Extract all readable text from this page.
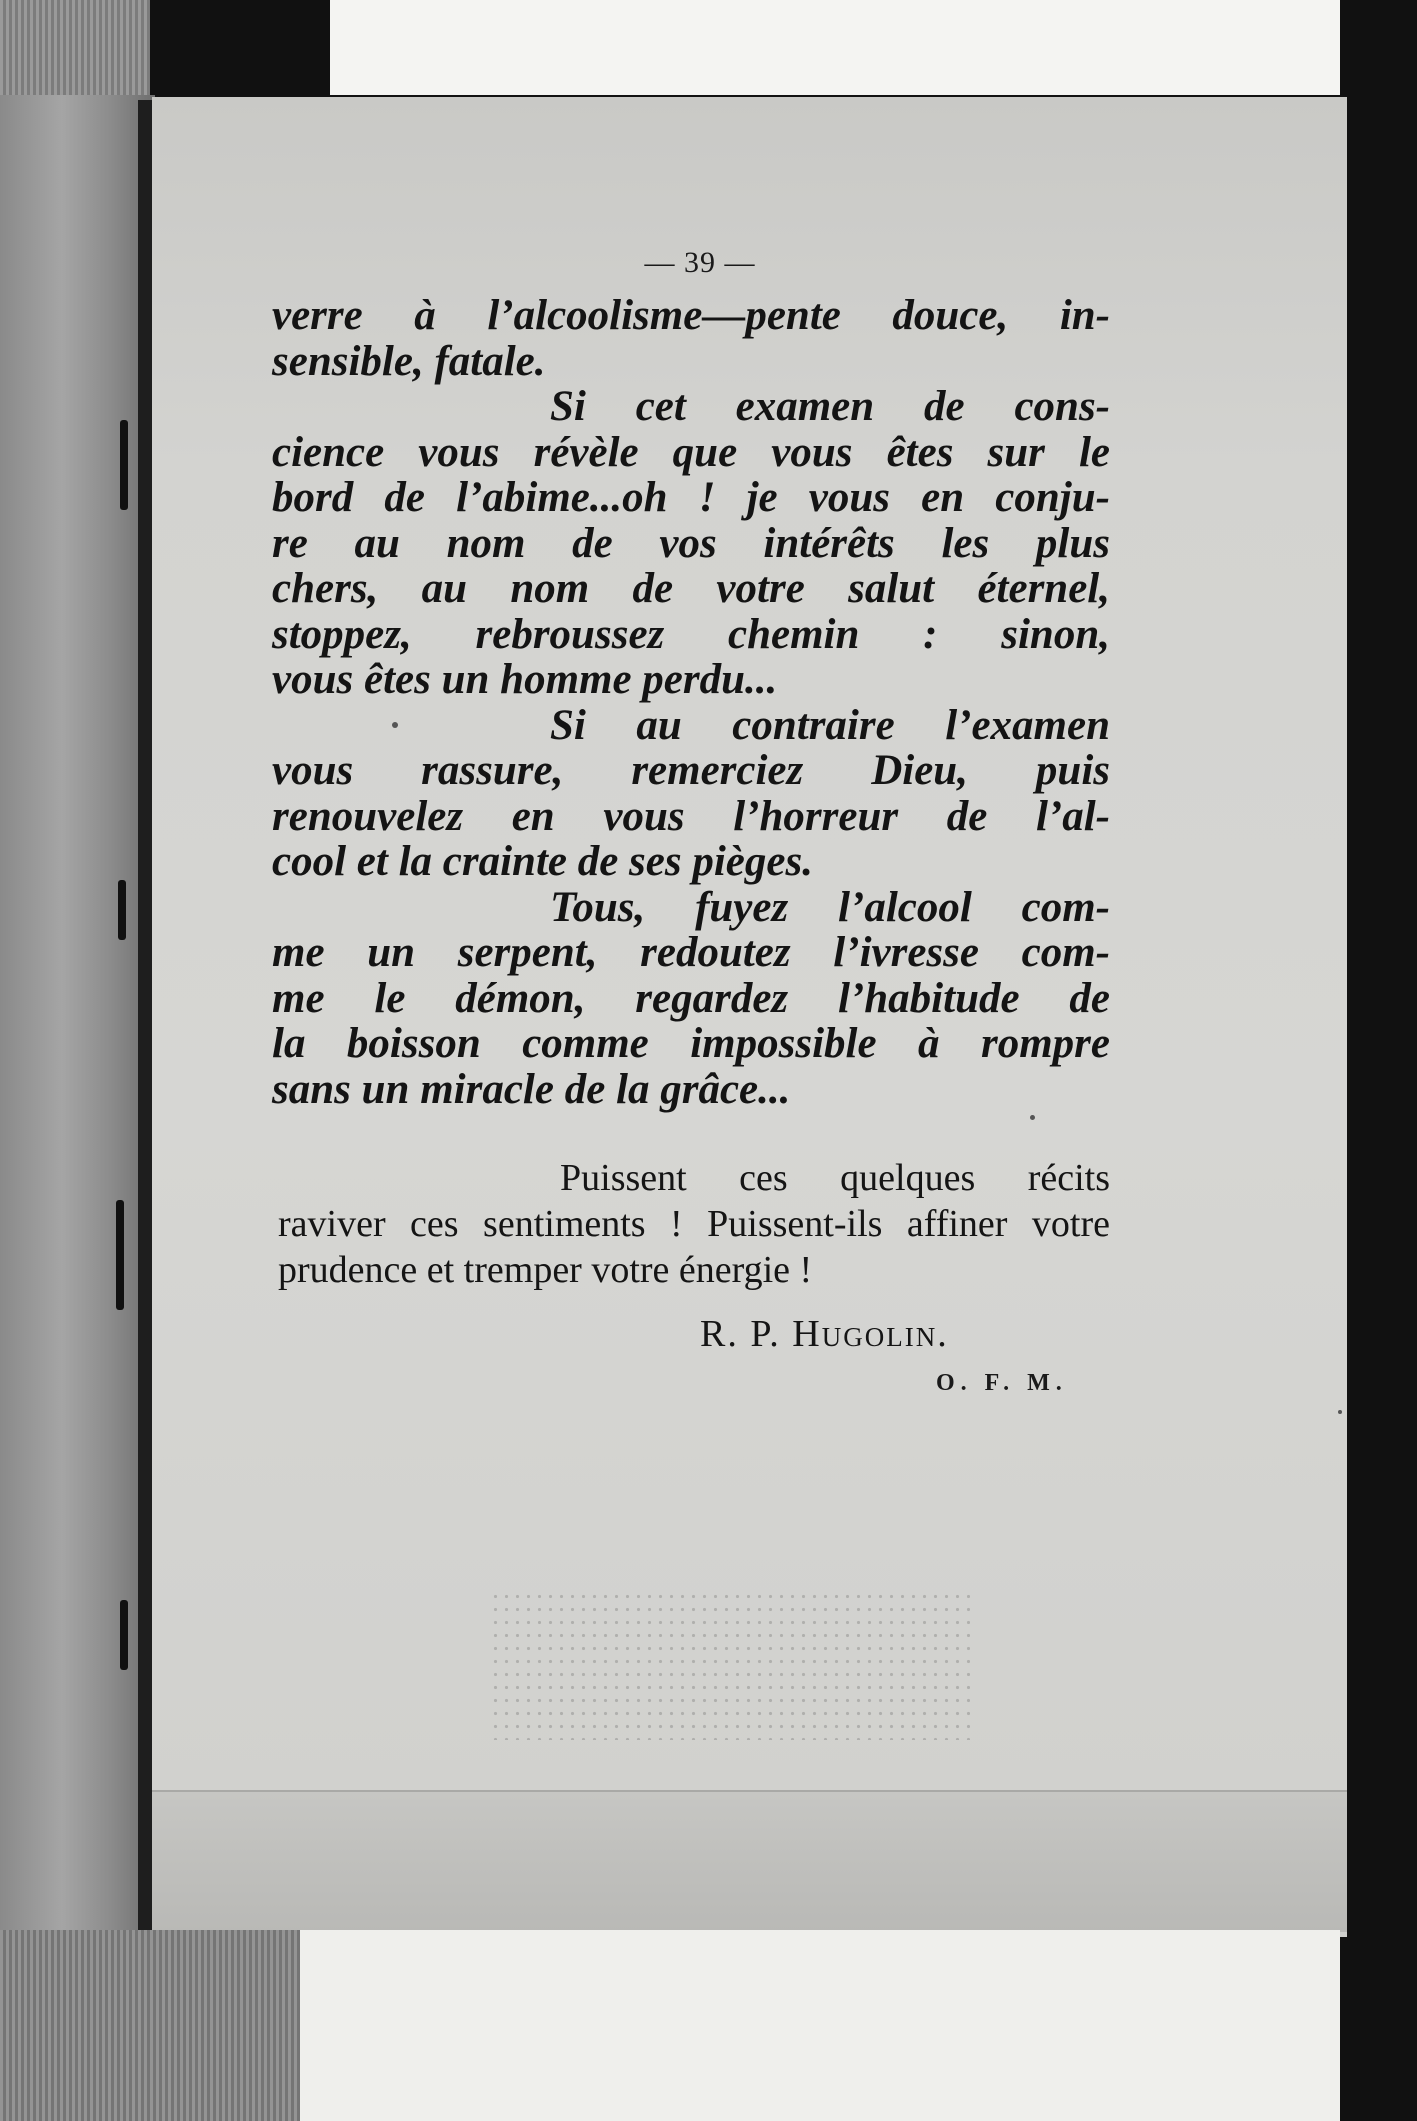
— 39 —
verre à l’alcoolisme—pente douce, in-
sensible, fatale.
Si cet examen de cons-
cience vous révèle que vous êtes sur le
bord de l’abime...oh ! je vous en conju-
re au nom de vos intérêts les plus
chers, au nom de votre salut éternel,
stoppez, rebroussez chemin : sinon,
vous êtes un homme perdu...
Si au contraire l’examen
vous rassure, remerciez Dieu, puis
renouvelez en vous l’horreur de l’al-
cool et la crainte de ses pièges.
Tous, fuyez l’alcool com-
me un serpent, redoutez l’ivresse com-
me le démon, regardez l’habitude de
la boisson comme impossible à rompre
sans un miracle de la grâce...
Puissent ces quelques récits
raviver ces sentiments ! Puissent-ils affiner votre
prudence et tremper votre énergie !
R. P. Hugolin.
O. F. M.
